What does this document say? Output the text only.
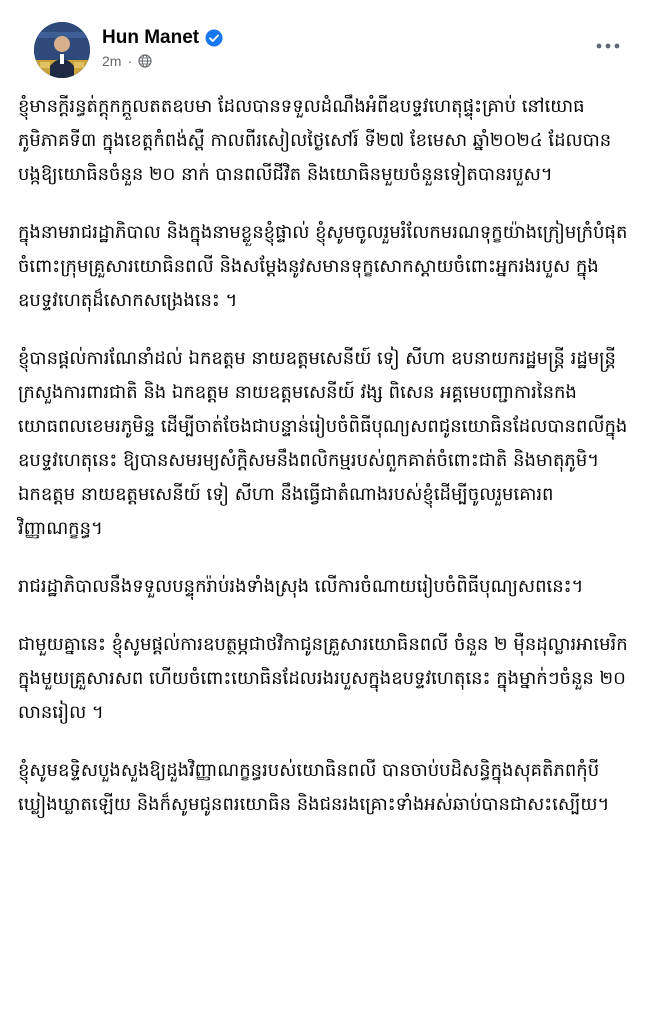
Hun Manet
2m ·

ខ្ញុំមានក្តីរន្ធត់ក្តុកក្តួលតតឧបមា ដែលបានទទួលដំណឹងអំពីឧបទ្ទវហេតុផ្ទុះគ្រាប់ នៅយោធភូមិភាគទី៣ ក្នុងខេត្តកំពង់ស្ពឺ កាលពីរសៀលថ្ងៃសៅរ៍ ទី២៧ ខែមេសា ឆ្នាំ២០២៤ ដែលបានបង្កឱ្យយោធិនចំនួន ២០ នាក់ បានពលីជីវិត និងយោធិនមួយចំនួនទៀតបានរបួស។

ក្នុងនាមរាជរដ្ឋាភិបាល និងក្នុងនាមខ្លួនខ្ញុំផ្ទាល់ ខ្ញុំសូមចូលរួមរំលែកមរណទុក្ខយ៉ាងក្រៀមក្រំបំផុតចំពោះក្រុមគ្រួសារយោធិនពលី និងសម្តែងនូវសមានទុក្ខសោកស្តាយចំពោះអ្នករងរបួស ក្នុងឧបទ្ទវហេតុដ៏សោកសង្រេងនេះ ។

ខ្ញុំបានផ្តល់ការណែនាំដល់ ឯកឧត្តម នាយឧត្តមសេនីយ៍ ទៀ សីហា ឧបនាយករដ្ឋមន្ត្រី រដ្ឋមន្ត្រីក្រសួងការពារជាតិ និង ឯកឧត្តម នាយឧត្តមសេនីយ៍ វង្ស ពិសេន អគ្គមេបញ្ជាការនៃកងយោធពលខេមរភូមិន្ទ ដើម្បីចាត់ចែងជាបន្ទាន់រៀបចំពិធីបុណ្យសពជូនយោធិនដែលបានពលីក្នុងឧបទ្ទវហេតុនេះ ឱ្យបានសមរម្យសំក្តិសមនឹងពលិកម្មរបស់ពួកគាត់ចំពោះជាតិ និងមាតុភូមិ។

ឯកឧត្តម នាយឧត្តមសេនីយ៍ ទៀ សីហា នឹងធ្វើជាតំណាងរបស់ខ្ញុំដើម្បីចូលរួមគោរពវិញ្ញាណក្ខន្ធ។

រាជរដ្ឋាភិបាលនឹងទទួលបន្ទុករ៉ាប់រងទាំងស្រុង លើការចំណាយរៀបចំពិធីបុណ្យសពនេះ។

ជាមួយគ្នានេះ ខ្ញុំសូមផ្តល់ការឧបត្ថម្ភជាថវិកាជូនគ្រួសារយោធិនពលី ចំនួន ២ ម៉ឺនដុល្លារអាមេរិក ក្នុងមួយគ្រួសារសព ហើយចំពោះយោធិនដែលរងរបួសក្នុងឧបទ្ទវហេតុនេះ ក្នុងម្នាក់ៗចំនួន ២០ លានរៀល ។

ខ្ញុំសូមឧទ្ទិសបួងសួងឱ្យដួងវិញ្ញាណក្ខន្ធរបស់យោធិនពលី បានចាប់បដិសន្ធិក្នុងសុគតិភពកុំបីឃ្លៀងឃ្លាតឡើយ និងក៏សូមជូនពរយោធិន និងជនរងគ្រោះទាំងអស់ឆាប់បានជាសះស្បើយ។
